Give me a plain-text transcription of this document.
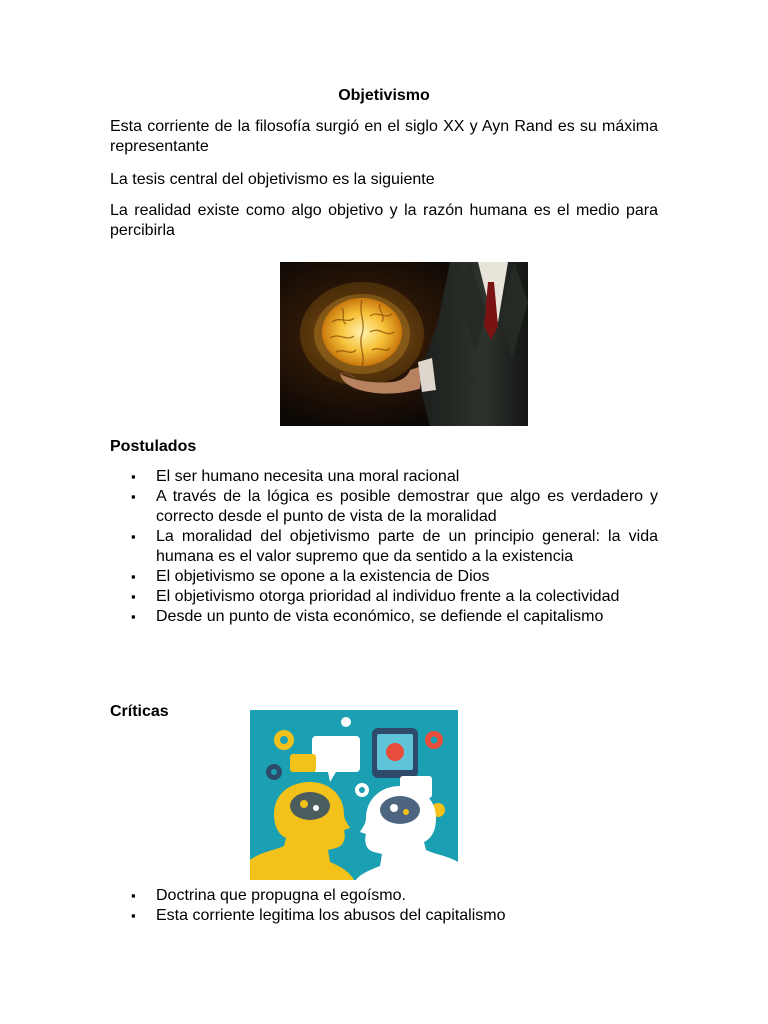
Objetivismo

Esta corriente de la filosofía surgió en el siglo XX y Ayn Rand es su máxima representante

La tesis central del objetivismo es la siguiente

La realidad existe como algo objetivo y la razón humana es el medio para percibirla

Postulados
▪ El ser humano necesita una moral racional
▪ A través de la lógica es posible demostrar que algo es verdadero y correcto desde el punto de vista de la moralidad
▪ La moralidad del objetivismo parte de un principio general: la vida humana es el valor supremo que da sentido a la existencia
▪ El objetivismo se opone a la existencia de Dios
▪ El objetivismo otorga prioridad al individuo frente a la colectividad
▪ Desde un punto de vista económico, se defiende el capitalismo
Críticas
▪ Doctrina que propugna el egoísmo.
▪ Esta corriente legitima los abusos del capitalismo
